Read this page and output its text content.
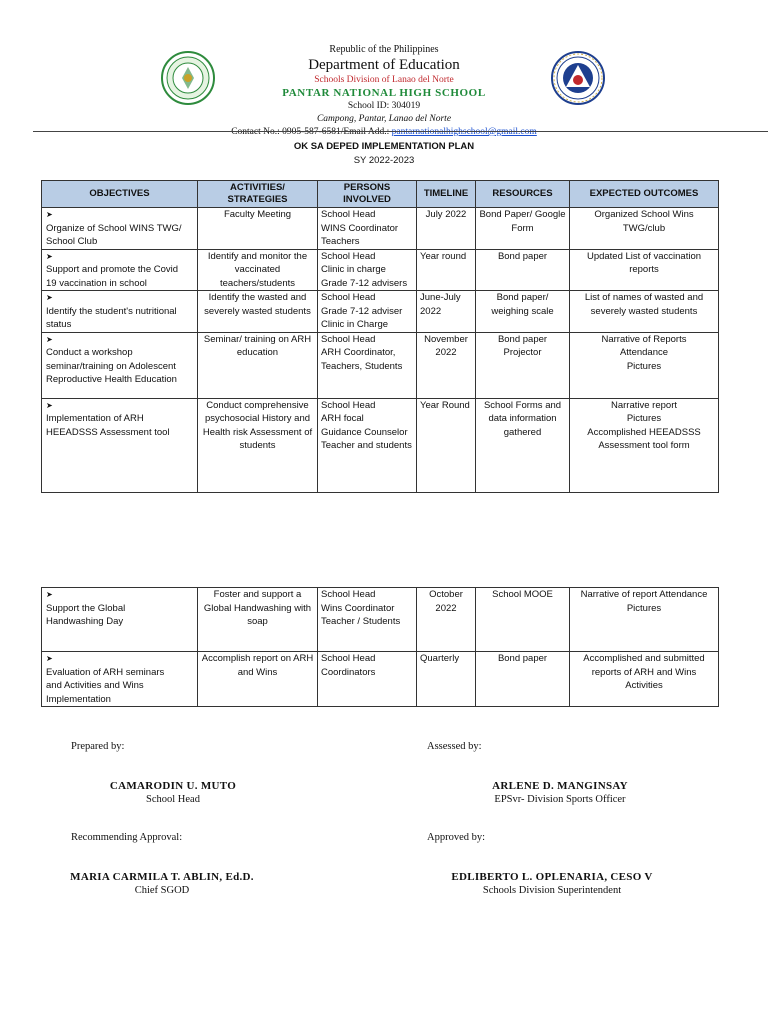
Republic of the Philippines
Department of Education
Schools Division of Lanao del Norte
PANTAR NATIONAL HIGH SCHOOL
School ID: 304019
Campong, Pantar, Lanao del Norte
Contact No.: 0905-587-6581/Email Add.: pantarnationalhighschool@gmail.com
OK SA DEPED IMPLEMENTATION PLAN
SY 2022-2023
OBJECTIVES	ACTIVITIES/ STRATEGIES	PERSONS INVOLVED	TIMELINE	RESOURCES	EXPECTED OUTCOMES
➤Organize of School WINS TWG/ School Club	Faculty Meeting	School Head
WINS Coordinator
Teachers	July 2022	Bond Paper/ Google Form	Organized School Wins TWG/club
➤Support and promote the Covid 19 vaccination in school	Identify and monitor the vaccinated teachers/students	School Head
Clinic in charge
Grade 7-12 advisers	Year round	Bond paper	Updated List of vaccination reports
➤Identify the student's nutritional status	Identify the wasted and severely wasted students	School Head
Grade 7-12 adviser
Clinic in Charge	June-July 2022	Bond paper/ weighing scale	List of names of wasted and severely wasted students
➤Conduct a workshop seminar/training on Adolescent Reproductive Health Education	Seminar/ training on ARH education	School Head
ARH Coordinator, Teachers, Students	November 2022	Bond paper
Projector	Narrative of Reports
Attendance
Pictures
➤Implementation of ARH HEEADSSS Assessment tool	Conduct comprehensive psychosocial History and Health risk Assessment of students	School Head
ARH focal
Guidance Counselor
Teacher and students	Year Round	School Forms and data information gathered	Narrative report
Pictures
Accomplished HEEADSSS Assessment tool form
➤Support the Global Handwashing Day	Foster and support a Global Handwashing with soap	School Head
Wins Coordinator
Teacher / Students	October 2022	School MOOE	Narrative of report Attendance Pictures
➤Evaluation of ARH seminars and Activities and Wins Implementation	Accomplish report on ARH and Wins	School Head
Coordinators	Quarterly	Bond paper	Accomplished and submitted reports of ARH and Wins Activities
Prepared by:	Assessed by:
CAMARODIN U. MUTO
School Head
ARLENE D. MANGINSAY
EPSvr- Division Sports Officer
Recommending Approval:	Approved by:
MARIA CARMILA T. ABLIN, Ed.D.
Chief SGOD
EDLIBERTO L. OPLENARIA, CESO V
Schools Division Superintendent
